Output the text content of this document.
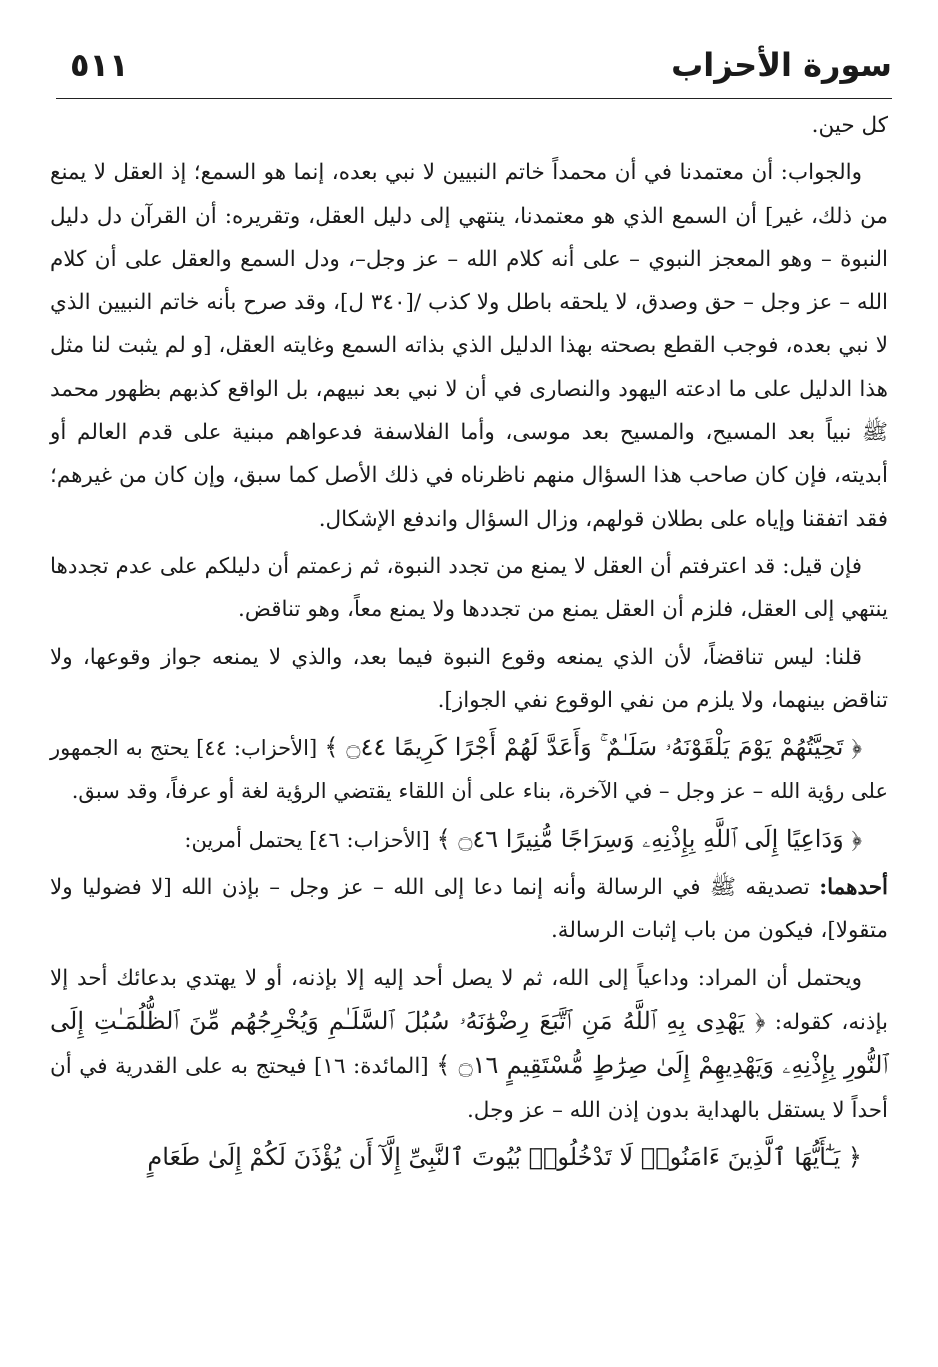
سورة الأحزاب
٥١١

كل حين.

والجواب: أن معتمدنا في أن محمداً خاتم النبيين لا نبي بعده، إنما هو السمع؛ إذ العقل لا يمنع من ذلك، غير] أن السمع الذي هو معتمدنا، ينتهي إلى دليل العقل، وتقريره: أن القرآن دل دليل النبوة – وهو المعجز النبوي – على أنه كلام الله – عز وجل–، ودل السمع والعقل على أن كلام الله – عز وجل – حق وصدق، لا يلحقه باطل ولا كذب /[٣٤٠ ل]، وقد صرح بأنه خاتم النبيين الذي لا نبي بعده، فوجب القطع بصحته بهذا الدليل الذي بذاته السمع وغايته العقل، [و لم يثبت لنا مثل هذا الدليل على ما ادعته اليهود والنصارى في أن لا نبي بعد نبيهم، بل الواقع كذبهم بظهور محمد ﷺ نبياً بعد المسيح، والمسيح بعد موسى، وأما الفلاسفة فدعواهم مبنية على قدم العالم أو أبديته، فإن كان صاحب هذا السؤال منهم ناظرناه في ذلك الأصل كما سبق، وإن كان من غيرهم؛ فقد اتفقنا وإياه على بطلان قولهم، وزال السؤال واندفع الإشكال.

فإن قيل: قد اعترفتم أن العقل لا يمنع من تجدد النبوة، ثم زعمتم أن دليلكم على عدم تجددها ينتهي إلى العقل، فلزم أن العقل يمنع من تجددها ولا يمنع معاً، وهو تناقض.

قلنا: ليس تناقضاً، لأن الذي يمنعه وقوع النبوة فيما بعد، والذي لا يمنعه جواز وقوعها، ولا تناقض بينهما، ولا يلزم من نفي الوقوع نفي الجواز].

﴿ تَحِيَّتُهُمْ يَوْمَ يَلْقَوْنَهُۥ سَلَـٰمٌ ۚ وَأَعَدَّ لَهُمْ أَجْرًا كَرِيمًا ۝٤٤ ﴾ [الأحزاب: ٤٤] يحتج به الجمهور على رؤية الله – عز وجل – في الآخرة، بناء على أن اللقاء يقتضي الرؤية لغة أو عرفاً، وقد سبق.

﴿ وَدَاعِيًا إِلَى ٱللَّهِ بِإِذْنِهِۦ وَسِرَاجًا مُّنِيرًا ۝٤٦ ﴾ [الأحزاب: ٤٦] يحتمل أمرين:

أحدهما: تصديقه ﷺ في الرسالة وأنه إنما دعا إلى الله – عز وجل – بإذن الله [لا فضوليا ولا متقولا]، فيكون من باب إثبات الرسالة.

ويحتمل أن المراد: وداعياً إلى الله، ثم لا يصل أحد إليه إلا بإذنه، أو لا يهتدي بدعائك أحد إلا بإذنه، كقوله: ﴿ يَهْدِى بِهِ ٱللَّهُ مَنِ ٱتَّبَعَ رِضْوَٰنَهُۥ سُبُلَ ٱلسَّلَـٰمِ وَيُخْرِجُهُم مِّنَ ٱلظُّلُمَـٰتِ إِلَى ٱلنُّورِ بِإِذْنِهِۦ وَيَهْدِيهِمْ إِلَىٰ صِرَٰطٍ مُّسْتَقِيمٍ ۝١٦ ﴾ [المائدة: ١٦] فيحتج به على القدرية في أن أحداً لا يستقل بالهداية بدون إذن الله – عز وجل.

﴿ يَـٰٓأَيُّهَا ٱلَّذِينَ ءَامَنُوا۟ لَا تَدْخُلُوا۟ بُيُوتَ ٱلنَّبِىِّ إِلَّآ أَن يُؤْذَنَ لَكُمْ إِلَىٰ طَعَامٍ
